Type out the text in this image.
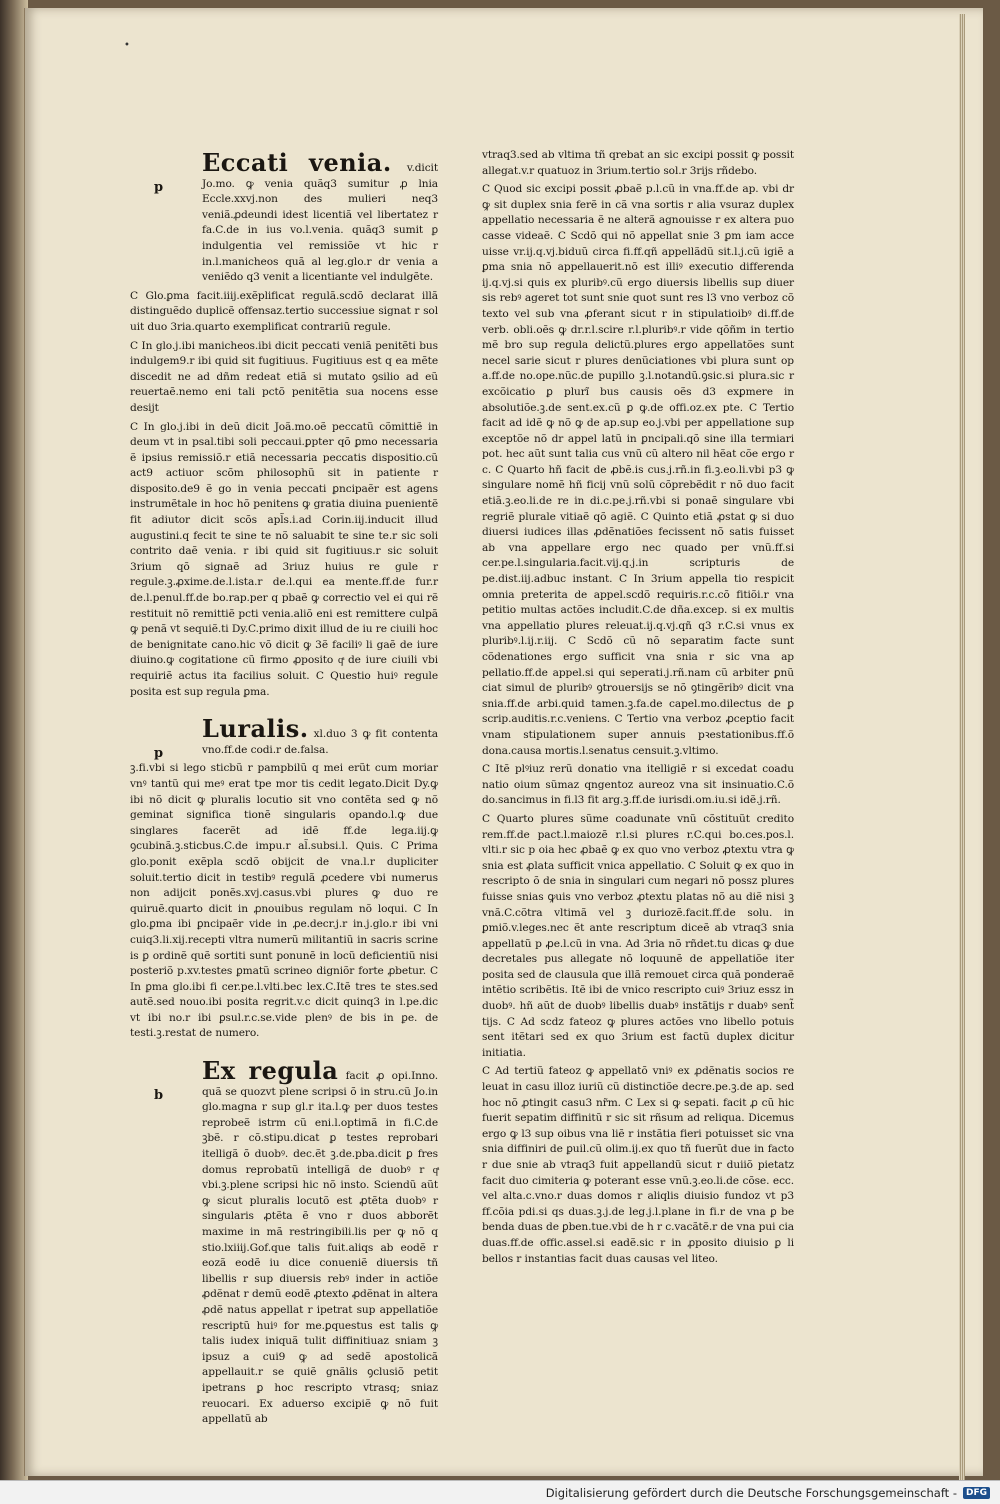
•
p

Eccati venia. v.dicit Jo.mo. ꝙ venia quãq3 sumitur ꝓ lnia Eccle.xxvj.non des mulieri neq3 veniã.ꝓdeundi idest licentiã vel libertatez r fa.C.de in ius vo.l.venia. quãq3 sumit ꝑ indulgentia vel remissiõe vt hic r in.l.manicheos quã al leg.glo.r dr venia a veniẽdo q3 venit a licentiante vel indulgẽte.

C Glo.ꝑma facit.iiij.exẽplificat regulã.scdõ declarat illã distinguẽdo duplicẽ offensaz.tertio successiue signat r sol uit duo 3ria.quarto exemplificat contrariũ regule.

C In glo.j.ibi manicheos.ibi dicit peccati veniã penitẽti bus indulgem9.r ibi quid sit fugitiuus. Fugitiuus est q ea mẽte discedit ne ad dñm redeat etiã si mutato ꝯsilio ad eũ reuertaẽ.nemo eni tali pctõ penitẽtia sua nocens esse desijt

C In glo.j.ibi in deũ dicit Joã.mo.oẽ peccatũ cõmittiẽ in deum vt in psal.tibi soli peccaui.ꝑpter qõ ꝑmo necessaria ẽ ipsius remissiõ.r etiã necessaria peccatis dispositio.cũ act9 actiuor scõm philosophũ sit in patiente r disposito.de9 ẽ go in venia peccati ꝑncipaẽr est agens instrumẽtale in hoc hõ penitens ꝙ gratia diuina puenientẽ fit adiutor dicit scõs apl̃s.i.ad Corin.iij.inducit illud augustini.q fecit te sine te nõ saluabit te sine te.r sic soli contrito daẽ venia. r ibi quid sit fugitiuus.r sic soluit 3rium qõ signaẽ ad 3riuz huius re gule r regule.ꝫ.ꝓxime.de.l.ista.r de.l.qui ea mente.ff.de fur.r de.l.penul.ff.de bo.rap.per q pbaẽ ꝙ correctio vel ei qui rẽ restituit nõ remittiẽ pcti venia.aliõ eni est remittere culpã ꝙ penã vt sequiẽ.ti Dy.C.primo dixit illud de iu re ciuili hoc de benignitate cano.hic võ dicit ꝙ 3ẽ faciliꝰ li gaẽ de iure diuino.ꝙ cogitatione cũ firmo ꝓposito qͣ de iure ciuili vbi requiriẽ actus ita facilius soluit. C Questio huiꝰ regule posita est sup regula ꝑma.

p

Luralis. xl.duo 3 ꝙ fit contenta vno.ff.de codi.r de.falsa.

ꝫ.fi.vbi si lego sticbũ r pampbilũ q mei erũt cum moriar vnꝰ tantũ qui meꝰ erat tpe mor tis cedit legato.Dicit Dy.ꝙ ibi nõ dicit ꝙ pluralis locutio sit vno contẽta sed ꝙ nõ geminat significa tionẽ singularis opando.l.ꝙ due singlares facerẽt ad idẽ ff.de lega.iij.ꝙ ꝯcubinã.ꝫ.sticbus.C.de impu.r al̃.subsi.l. Quis. C Prima glo.ponit exẽpla scdõ obijcit de vna.l.r dupliciter soluit.tertio dicit in testibꝰ regulã ꝓcedere vbi numerus non adijcit ponẽs.xvj.casus.vbi plures ꝙ duo re quiruẽ.quarto dicit in ꝓnouibus regulam nõ loqui. C In glo.ꝑma ibi ꝑncipaẽr vide in ꝓe.decr.j.r in.j.glo.r ibi vni cuiq3.li.xij.recepti vltra numerũ militantiũ in sacris scrine is ꝑ ordinẽ quẽ sortiti sunt ponunẽ in locũ deficientiũ nisi posteriõ p.xv.testes ꝑmatũ scrineo digniõr forte ꝓbetur. C In ꝑma glo.ibi fi cer.pe.l.vlti.bec lex.C.Itẽ tres te stes.sed autẽ.sed nouo.ibi posita regrit.v.c dicit quinq3 in l.pe.dic vt ibi no.r ibi ꝑsul.r.c.se.vide plenꝰ de bis in ꝑe. de testi.ꝫ.restat de numero.

b

Ex regula facit ꝓ opi.Inno. quã se quozvt plene scripsi õ in stru.cũ Jo.in glo.magna r sup gl.r ita.l.ꝙ per duos testes reprobeẽ istrm cũ eni.l.optimã in fi.C.de ꝫbẽ. r cõ.stipu.dicat ꝑ testes reprobari itelligã õ duobꝰ. dec.ẽt ꝫ.de.pba.dicit ꝑ fres domus reprobatũ intelligã de duobꝰ r qͣ vbi.ꝫ.plene scripsi hic nõ insto. Sciendũ aũt ꝙ sicut pluralis locutõ est ꝓtẽta duobꝰ r singularis ꝓtẽta ẽ vno r duos abborẽt maxime in mã restringibili.lis per ꝙ nõ q stio.lxiiij.Gof.que talis fuit.aliqs ab eodẽ r eozã eodẽ iu dice conueniẽ diuersis tñ libellis r sup diuersis rebꝰ inder in actiõe ꝓdẽnat r demũ eodẽ ꝓtexto ꝓdẽnat in altera ꝓdẽ natus appellat r ipetrat sup appellatiõe rescriptũ huiꝰ for me.ꝑquestus est talis ꝙ talis iudex iniquã tulit diffinitiuaz sniam ꝫ ipsuz a cui9 ꝙ ad sedẽ apostolicã appellauit.r se quiẽ gnãlis ꝯclusiõ petit ipetrans ꝑ hoc rescripto vtrasq; sniaz reuocari. Ex aduerso excipiẽ ꝙ nõ fuit appellatũ ab

vtraq3.sed ab vltima tñ qrebat an sic excipi possit ꝙ possit allegat.v.r quatuoz in 3rium.tertio sol.r 3rijs rñdebo.

C Quod sic excipi possit ꝓbaẽ p.l.cũ in vna.ff.de ap. vbi dr ꝙ sit duplex snia ferẽ in cã vna sortis r alia vsuraz duplex appellatio necessaria ẽ ne alterã agnouisse r ex altera puo casse videaẽ. C Scdõ qui nõ appellat snie 3 ꝑm iam acce uisse vr.ij.q.vj.biduũ circa fi.ff.qñ appellãdũ sit.l.j.cũ igiẽ a ꝑma snia nõ appellauerit.nõ est illiꝰ executio differenda ij.q.vj.si quis ex pluribꝰ.cũ ergo diuersis libellis sup diuer sis rebꝰ ageret tot sunt snie quot sunt res l3 vno verboz cõ texto vel sub vna ꝓferant sicut r in stipulatioibꝰ di.ff.de verb. obli.oẽs ꝙ dr.r.l.scire r.l.pluribꝰ.r vide qõñm in tertio mẽ bro sup regula delictũ.plures ergo appellatões sunt necel sarie sicut r plures denũciationes vbi plura sunt op a.ff.de no.ope.nũc.de pupillo ꝫ.l.notandũ.ꝯsic.si plura.sic r excõicatio ꝑ plurĩ bus causis oẽs d3 exꝑmere in absolutiõe.ꝫ.de sent.ex.cũ ꝑ ꝙ.de offi.oz.ex pte. C Tertio facit ad idẽ ꝙ nõ ꝙ de ap.sup eo.j.vbi per appellatione sup exceptõe nõ dr appel latũ in ꝑncipali.qõ sine illa termiari pot. hec aũt sunt talia cus vnũ cũ altero nil hẽat cõe ergo r c. C Quarto hñ facit de ꝓbẽ.is cus.j.rñ.in fi.ꝫ.eo.li.vbi p3 ꝙ singulare nomẽ hñ ficij vnũ solũ cõprebẽdit r nõ duo facit etiã.ꝫ.eo.li.de re in di.c.pe.j.rñ.vbi si ponaẽ singulare vbi regriẽ plurale vitiaẽ qõ agiẽ. C Quinto etiã ꝓstat ꝙ si duo diuersi iudices illas ꝓdẽnatiões fecissent nõ satis fuisset ab vna appellare ergo nec quado per vnũ.ff.si cer.pe.l.singularia.facit.vij.q.j.in scripturis de pe.dist.iij.adbuc instant. C In 3rium appella tio respicit omnia preterita de appel.scdõ requiris.r.c.cõ fitiõi.r vna petitio multas actões includit.C.de dña.excep. si ex multis vna appellatio plures releuat.ij.q.vj.qñ q3 r.C.si vnus ex pluribꝰ.l.ij.r.iij. C Scdõ cũ nõ separatim facte sunt cõdenationes ergo sufficit vna snia r sic vna ap pellatio.ff.de appel.si qui seperati.j.rñ.nam cũ arbiter ꝑnũ ciat simul de pluribꝰ ꝯtrouersijs se nõ ꝯtingẽribꝰ dicit vna snia.ff.de arbi.quid tamen.ꝫ.fa.de capel.mo.dilectus de ꝑ scrip.auditis.r.c.veniens. C Tertio vna verboz ꝓceptio facit vnam stipulationem super annuis pꝛestationibus.ff.õ dona.causa mortis.l.senatus censuit.ꝫ.vltimo.

C Itẽ plꝰiuz rerũ donatio vna itelligiẽ r si excedat coadu natio oium sũmaz qngentoz aureoz vna sit insinuatio.C.õ do.sancimus in fi.l3 fit arg.ꝫ.ff.de iurisdi.om.iu.si idẽ.j.rñ.

C Quarto plures sũme coadunate vnũ cõstituũt credito rem.ff.de pact.l.maiozẽ r.l.si plures r.C.qui bo.ces.pos.l. vlti.r sic p oia hec ꝓbaẽ ꝙ ex quo vno verboz ꝓtextu vtra ꝙ snia est ꝓlata sufficit vnica appellatio. C Soluit ꝙ ex quo in rescripto õ de snia in singulari cum negari nõ possz plures fuisse snias ꝙuis vno verboz ꝓtextu platas nõ au diẽ nisi ꝫ vnã.C.cõtra vltimã vel ꝫ duriozẽ.facit.ff.de solu. in ꝑmiõ.v.leges.nec ẽt ante rescriptum diceẽ ab vtraq3 snia appellatũ p ꝓe.l.cũ in vna. Ad 3ria nõ rñdet.tu dicas ꝙ due decretales pus allegate nõ loquunẽ de appellatiõe iter posita sed de clausula que illã remouet circa quã ponderaẽ intẽtio scribẽtis. Itẽ ibi de vnico rescripto cuiꝰ 3riuz essz in duobꝰ. hñ aũt de duobꝰ libellis duabꝰ instãtijs r duabꝰ sent̃ tijs. C Ad scdz fateoz ꝙ plures actões vno libello potuis sent itẽtari sed ex quo 3rium est factũ duplex dicitur initiatia.

C Ad tertiũ fateoz ꝙ appellatõ vniꝰ ex ꝓdẽnatis socios re leuat in casu illoz iuriũ cũ distinctiõe decre.pe.ꝫ.de ap. sed hoc nõ ꝓtingit casu3 nr̃m. C Lex si ꝙ sepati. facit ꝓ cũ hic fuerit sepatim diffinitũ r sic sit rñsum ad reliqua. Dicemus ergo ꝙ l3 sup oibus vna liẽ r instãtia fieri potuisset sic vna snia diffiniri de ꝑuil.cũ olim.ij.ex quo tñ fuerũt due in facto r due snie ab vtraq3 fuit appellandũ sicut r duiiõ pietatz facit duo cimiteria ꝙ poterant esse vnũ.ꝫ.eo.li.de cõse. ecc. vel alta.c.vno.r duas domos r aliqlis diuisio fundoz vt p3 ff.cõia pdi.si qs duas.ꝫ.j.de leg.j.l.plane in fi.r de vna ꝑ be benda duas de ꝑben.tue.vbi de h r c.vacãtẽ.r de vna pui cia duas.ff.de offic.assel.si eadẽ.sic r in ꝓposito diuisio ꝑ li bellos r instantias facit duas causas vel liteo.

Digitalisierung gefördert durch die Deutsche Forschungsgemeinschaft -	DFG
